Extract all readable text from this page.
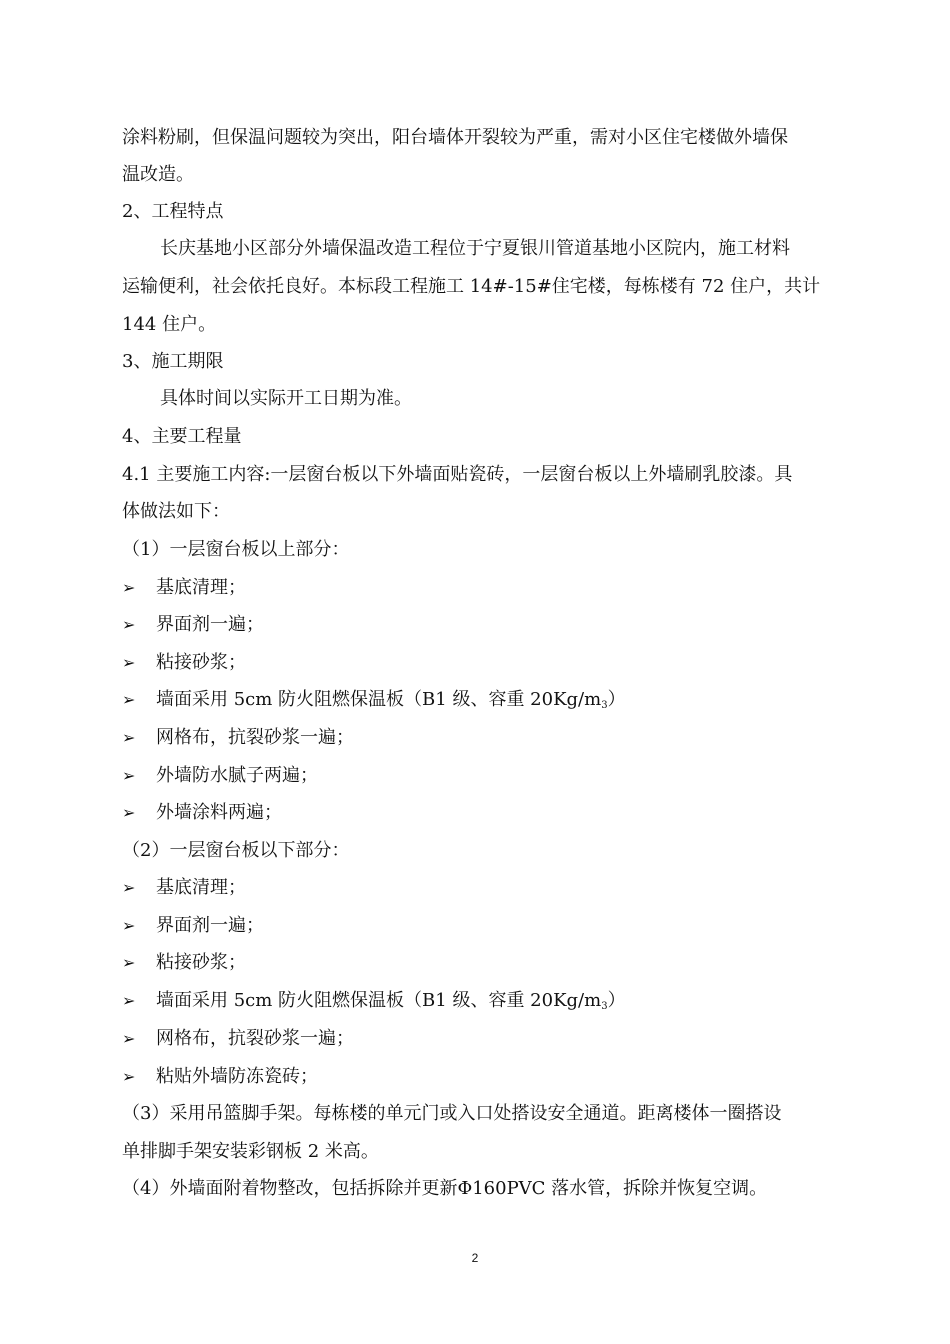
涂料粉刷，但保温问题较为突出，阳台墙体开裂较为严重，需对小区住宅楼做外墙保
温改造。
2、工程特点
长庆基地小区部分外墙保温改造工程位于宁夏银川管道基地小区院内，施工材料
运输便利，社会依托良好。本标段工程施工 14#-15#住宅楼，每栋楼有 72 住户，共计
144 住户。
3、施工期限
具体时间以实际开工日期为准。
4、主要工程量
4.1 主要施工内容:一层窗台板以下外墙面贴瓷砖，一层窗台板以上外墙刷乳胶漆。具
体做法如下：
（1）一层窗台板以上部分：
➢ 基底清理；
➢ 界面剂一遍；
➢ 粘接砂浆；
➢ 墙面采用 5cm 防火阻燃保温板（B1 级、容重 20Kg/m3）
➢ 网格布，抗裂砂浆一遍；
➢ 外墙防水腻子两遍；
➢ 外墙涂料两遍；
（2）一层窗台板以下部分：
➢ 基底清理；
➢ 界面剂一遍；
➢ 粘接砂浆；
➢ 墙面采用 5cm 防火阻燃保温板（B1 级、容重 20Kg/m3）
➢ 网格布，抗裂砂浆一遍；
➢ 粘贴外墙防冻瓷砖；
（3）采用吊篮脚手架。每栋楼的单元门或入口处搭设安全通道。距离楼体一圈搭设
单排脚手架安装彩钢板 2 米高。
（4）外墙面附着物整改，包括拆除并更新Φ160PVC 落水管，拆除并恢复空调。
2
